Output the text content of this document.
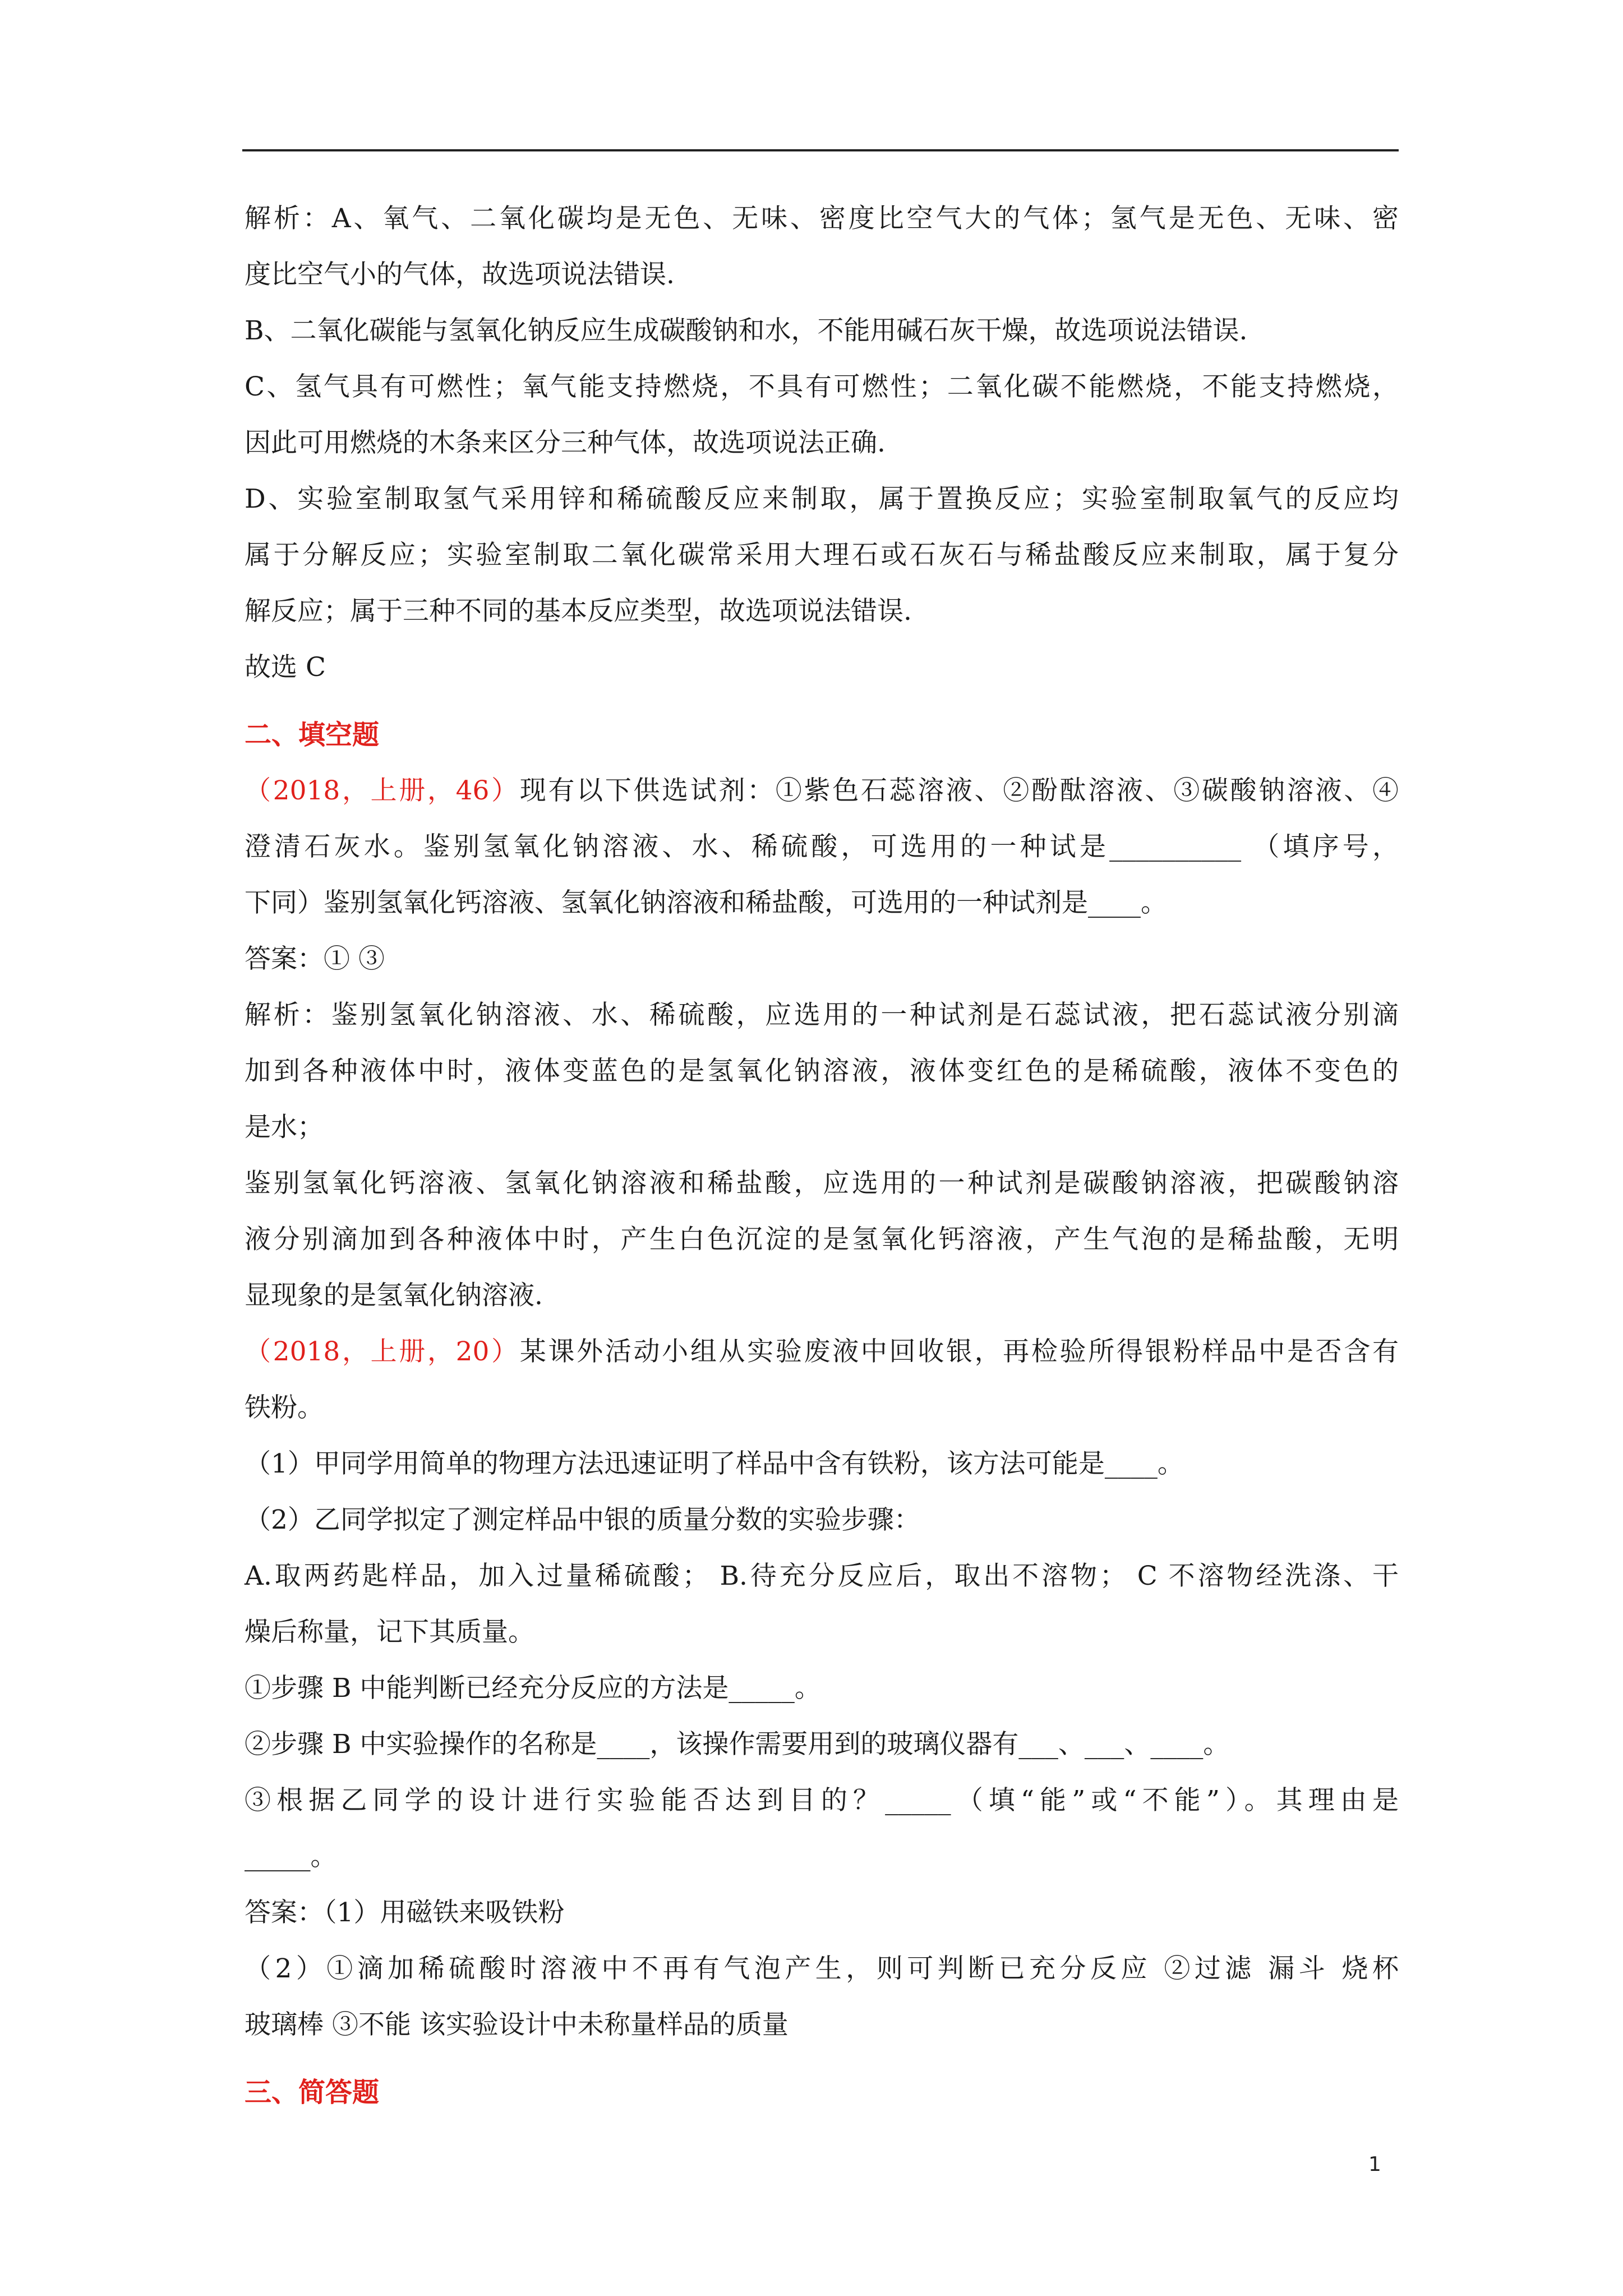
解析：A、氧气、二氧化碳均是无色、无味、密度比空气大的气体；氢气是无色、无味、密
度比空气小的气体，故选项说法错误.
B、二氧化碳能与氢氧化钠反应生成碳酸钠和水，不能用碱石灰干燥，故选项说法错误.
C、氢气具有可燃性；氧气能支持燃烧，不具有可燃性；二氧化碳不能燃烧，不能支持燃烧，
因此可用燃烧的木条来区分三种气体，故选项说法正确.
D、实验室制取氢气采用锌和稀硫酸反应来制取，属于置换反应；实验室制取氧气的反应均
属于分解反应；实验室制取二氧化碳常采用大理石或石灰石与稀盐酸反应来制取，属于复分
解反应；属于三种不同的基本反应类型，故选项说法错误.
故选 C
二、填空题
（2018，上册，46）现有以下供选试剂：①紫色石蕊溶液、②酚酞溶液、③碳酸钠溶液、④
澄清石灰水。鉴别氢氧化钠溶液、水、稀硫酸，可选用的一种试是__________ （填序号，
下同）鉴别氢氧化钙溶液、氢氧化钠溶液和稀盐酸，可选用的一种试剂是____。
答案：① ③
解析：鉴别氢氧化钠溶液、水、稀硫酸，应选用的一种试剂是石蕊试液，把石蕊试液分别滴
加到各种液体中时，液体变蓝色的是氢氧化钠溶液，液体变红色的是稀硫酸，液体不变色的
是水；
鉴别氢氧化钙溶液、氢氧化钠溶液和稀盐酸，应选用的一种试剂是碳酸钠溶液，把碳酸钠溶
液分别滴加到各种液体中时，产生白色沉淀的是氢氧化钙溶液，产生气泡的是稀盐酸，无明
显现象的是氢氧化钠溶液.
（2018，上册，20）某课外活动小组从实验废液中回收银，再检验所得银粉样品中是否含有
铁粉。
（1）甲同学用简单的物理方法迅速证明了样品中含有铁粉，该方法可能是____。
（2）乙同学拟定了测定样品中银的质量分数的实验步骤：
A.取两药匙样品，加入过量稀硫酸； B.待充分反应后，取出不溶物； C 不溶物经洗涤、干
燥后称量，记下其质量。
①步骤 B 中能判断已经充分反应的方法是_____。
②步骤 B 中实验操作的名称是____，该操作需要用到的玻璃仪器有___、___、____。
③根据乙同学的设计进行实验能否达到目的？_____（填“能”或“不能”）。其理由是
_____。
答案：（1）用磁铁来吸铁粉
（2）①滴加稀硫酸时溶液中不再有气泡产生，则可判断已充分反应 ②过滤 漏斗 烧杯
玻璃棒 ③不能 该实验设计中未称量样品的质量
三、简答题
1
